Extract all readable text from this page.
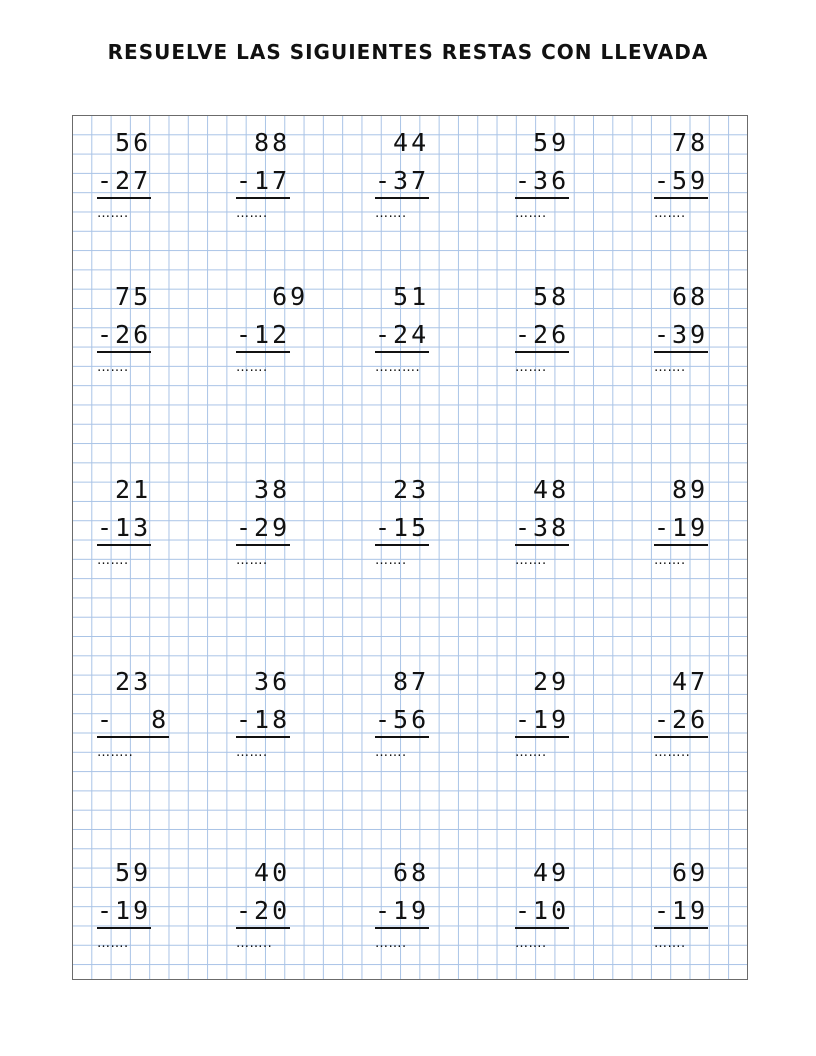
RESUELVE LAS SIGUIENTES RESTAS CON LLEVADA
56
-27
…….
88
-17
…….
44
-37
…….
59
-36
…….
78
-59
…….
75
-26
…….
69
-12
…….
51
-24
……….
58
-26
…….
68
-39
…….
21
-13
…….
38
-29
…….
23
-15
…….
48
-38
…….
89
-19
…….
23
-  8
……..
36
-18
…….
87
-56
…….
29
-19
…….
47
-26
……..
59
-19
…….
40
-20
……..
68
-19
…….
49
-10
…….
69
-19
…….
